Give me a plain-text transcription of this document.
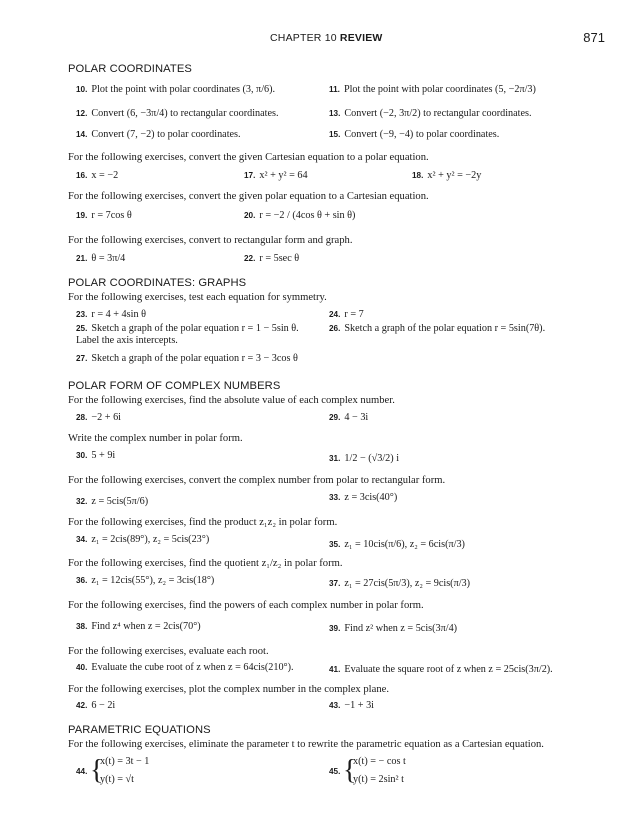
CHAPTER 10 REVIEW	871
POLAR COORDINATES
10. Plot the point with polar coordinates (3, π/6).	11. Plot the point with polar coordinates (5, −2π/3)
12. Convert (6, −3π/4) to rectangular coordinates.	13. Convert (−2, 3π/2) to rectangular coordinates.
14. Convert (7, −2) to polar coordinates.	15. Convert (−9, −4) to polar coordinates.
For the following exercises, convert the given Cartesian equation to a polar equation.
16. x = −2	17. x² + y² = 64	18. x² + y² = −2y
For the following exercises, convert the given polar equation to a Cartesian equation.
19. r = 7cos θ	20. r = −2 / (4cos θ + sin θ)
For the following exercises, convert to rectangular form and graph.
21. θ = 3π/4	22. r = 5sec θ
POLAR COORDINATES: GRAPHS
For the following exercises, test each equation for symmetry.
23. r = 4 + 4sin θ	24. r = 7
25. Sketch a graph of the polar equation r = 1 − 5sin θ. Label the axis intercepts.
26. Sketch a graph of the polar equation r = 5sin(7θ).
27. Sketch a graph of the polar equation r = 3 − 3cos θ
POLAR FORM OF COMPLEX NUMBERS
For the following exercises, find the absolute value of each complex number.
28. −2 + 6i	29. 4 − 3i
Write the complex number in polar form.
30. 5 + 9i	31. 1/2 − (√3/2) i
For the following exercises, convert the complex number from polar to rectangular form.
32. z = 5cis(5π/6)	33. z = 3cis(40°)
For the following exercises, find the product z₁z₂ in polar form.
34. z₁ = 2cis(89°), z₂ = 5cis(23°)	35. z₁ = 10cis(π/6), z₂ = 6cis(π/3)
For the following exercises, find the quotient z₁/z₂ in polar form.
36. z₁ = 12cis(55°), z₂ = 3cis(18°)	37. z₁ = 27cis(5π/3), z₂ = 9cis(π/3)
For the following exercises, find the powers of each complex number in polar form.
38. Find z⁴ when z = 2cis(70°)	39. Find z² when z = 5cis(3π/4)
For the following exercises, evaluate each root.
40. Evaluate the cube root of z when z = 64cis(210°).	41. Evaluate the square root of z when z = 25cis(3π/2).
For the following exercises, plot the complex number in the complex plane.
42. 6 − 2i	43. −1 + 3i
PARAMETRIC EQUATIONS
For the following exercises, eliminate the parameter t to rewrite the parametric equation as a Cartesian equation.
44. {
x(t) = 3t − 1
y(t) = √t
45. {
x(t) = − cos t
y(t) = 2sin² t
